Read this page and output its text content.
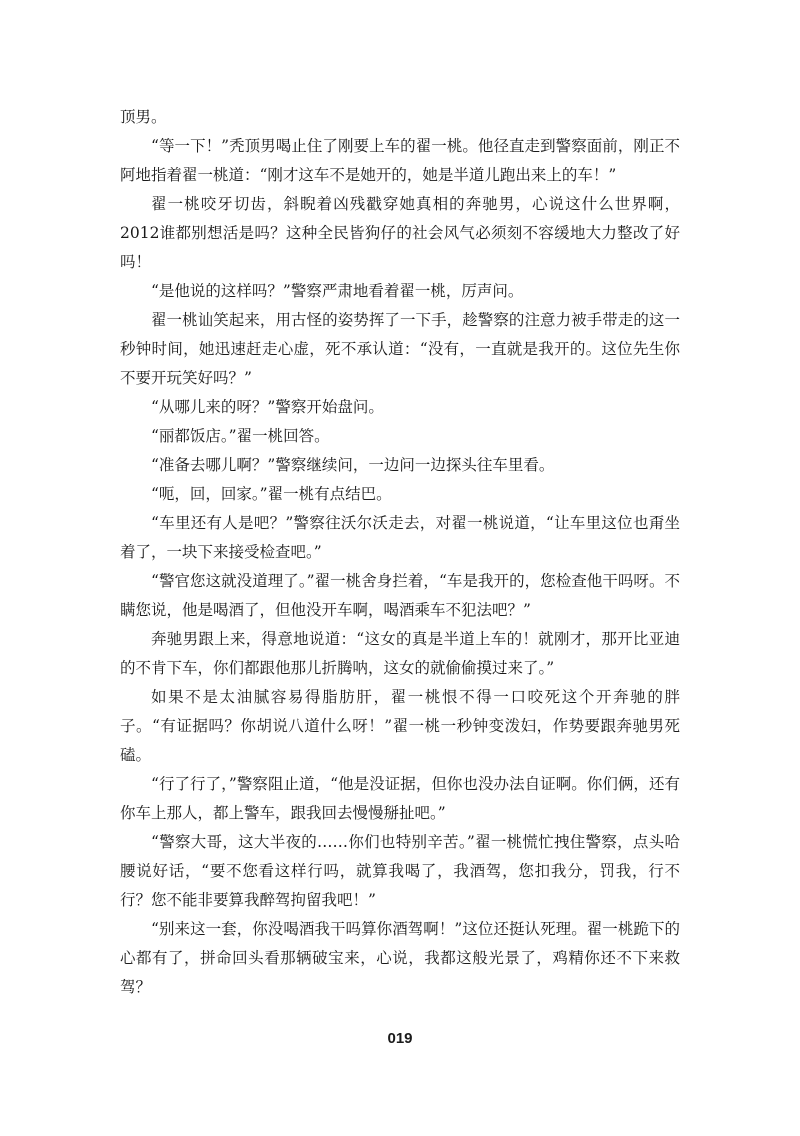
顶男。

“等一下！”秃顶男喝止住了刚要上车的翟一桃。他径直走到警察面前，刚正不阿地指着翟一桃道：“刚才这车不是她开的，她是半道儿跑出来上的车！”

翟一桃咬牙切齿，斜睨着凶残戳穿她真相的奔驰男，心说这什么世界啊，2012谁都别想活是吗？这种全民皆狗仔的社会风气必须刻不容缓地大力整改了好吗！

“是他说的这样吗？”警察严肃地看着翟一桃，厉声问。

翟一桃讪笑起来，用古怪的姿势挥了一下手，趁警察的注意力被手带走的这一秒钟时间，她迅速赶走心虚，死不承认道：“没有，一直就是我开的。这位先生你不要开玩笑好吗？”

“从哪儿来的呀？”警察开始盘问。

“丽都饭店。”翟一桃回答。

“准备去哪儿啊？”警察继续问，一边问一边探头往车里看。

“呃，回，回家。”翟一桃有点结巴。

“车里还有人是吧？”警察往沃尔沃走去，对翟一桃说道，“让车里这位也甭坐着了，一块下来接受检查吧。”

“警官您这就没道理了。”翟一桃舍身拦着，“车是我开的，您检查他干吗呀。不瞒您说，他是喝酒了，但他没开车啊，喝酒乘车不犯法吧？”

奔驰男跟上来，得意地说道：“这女的真是半道上车的！就刚才，那开比亚迪的不肯下车，你们都跟他那儿折腾呐，这女的就偷偷摸过来了。”

如果不是太油腻容易得脂肪肝，翟一桃恨不得一口咬死这个开奔驰的胖子。“有证据吗？你胡说八道什么呀！”翟一桃一秒钟变泼妇，作势要跟奔驰男死磕。

“行了行了，”警察阻止道，“他是没证据，但你也没办法自证啊。你们俩，还有你车上那人，都上警车，跟我回去慢慢掰扯吧。”

“警察大哥，这大半夜的……你们也特别辛苦。”翟一桃慌忙拽住警察，点头哈腰说好话，“要不您看这样行吗，就算我喝了，我酒驾，您扣我分，罚我，行不行？您不能非要算我醉驾拘留我吧！”

“别来这一套，你没喝酒我干吗算你酒驾啊！”这位还挺认死理。翟一桃跪下的心都有了，拼命回头看那辆破宝来，心说，我都这般光景了，鸡精你还不下来救驾？

019
